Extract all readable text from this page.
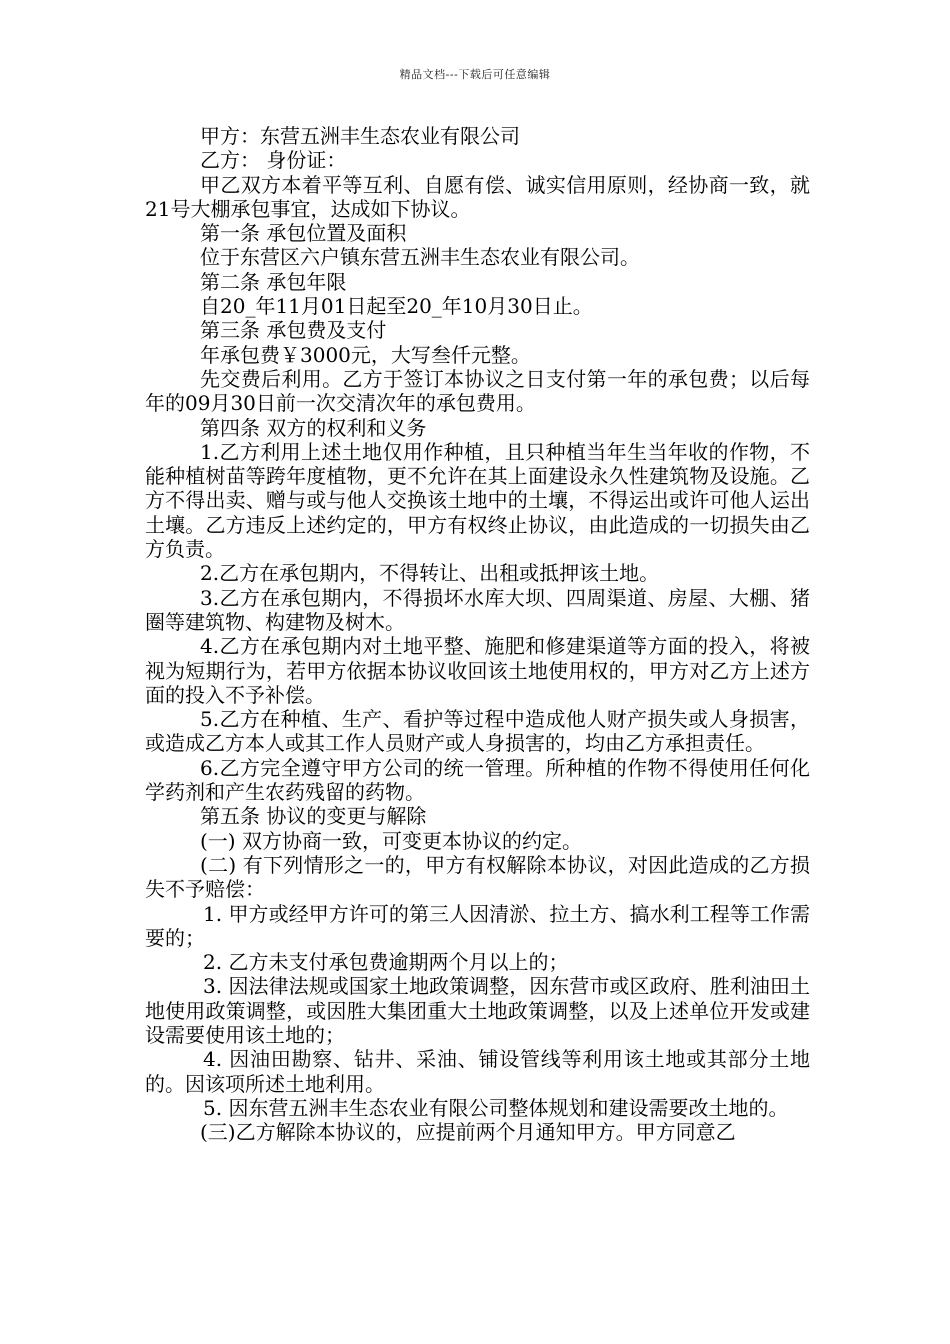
精品文档---下载后可任意编辑

甲方：东营五洲丰生态农业有限公司

乙方： 身份证：

甲乙双方本着平等互利、自愿有偿、诚实信用原则，经协商一致，就21号大棚承包事宜，达成如下协议。

第一条 承包位置及面积

位于东营区六户镇东营五洲丰生态农业有限公司。

第二条 承包年限

自20_年11月01日起至20_年10月30日止。

第三条 承包费及支付

年承包费￥3000元，大写叁仟元整。

先交费后利用。乙方于签订本协议之日支付第一年的承包费；以后每年的09月30日前一次交清次年的承包费用。

第四条 双方的权利和义务

1.乙方利用上述土地仅用作种植，且只种植当年生当年收的作物，不能种植树苗等跨年度植物，更不允许在其上面建设永久性建筑物及设施。乙方不得出卖、赠与或与他人交换该土地中的土壤，不得运出或许可他人运出土壤。乙方违反上述约定的，甲方有权终止协议，由此造成的一切损失由乙方负责。

2.乙方在承包期内，不得转让、出租或抵押该土地。

3.乙方在承包期内，不得损坏水库大坝、四周渠道、房屋、大棚、猪圈等建筑物、构建物及树木。

4.乙方在承包期内对土地平整、施肥和修建渠道等方面的投入，将被视为短期行为，若甲方依据本协议收回该土地使用权的，甲方对乙方上述方面的投入不予补偿。

5.乙方在种植、生产、看护等过程中造成他人财产损失或人身损害，或造成乙方本人或其工作人员财产或人身损害的，均由乙方承担责任。

6.乙方完全遵守甲方公司的统一管理。所种植的作物不得使用任何化学药剂和产生农药残留的药物。

第五条 协议的变更与解除

(一) 双方协商一致，可变更本协议的约定。

(二) 有下列情形之一的，甲方有权解除本协议，对因此造成的乙方损失不予赔偿：

1. 甲方或经甲方许可的第三人因清淤、拉土方、搞水利工程等工作需要的；

2. 乙方未支付承包费逾期两个月以上的；

3. 因法律法规或国家土地政策调整，因东营市或区政府、胜利油田土地使用政策调整，或因胜大集团重大土地政策调整，以及上述单位开发或建设需要使用该土地的；

4. 因油田勘察、钻井、采油、铺设管线等利用该土地或其部分土地的。因该项所述土地利用。

5. 因东营五洲丰生态农业有限公司整体规划和建设需要改土地的。

(三)乙方解除本协议的，应提前两个月通知甲方。甲方同意乙
